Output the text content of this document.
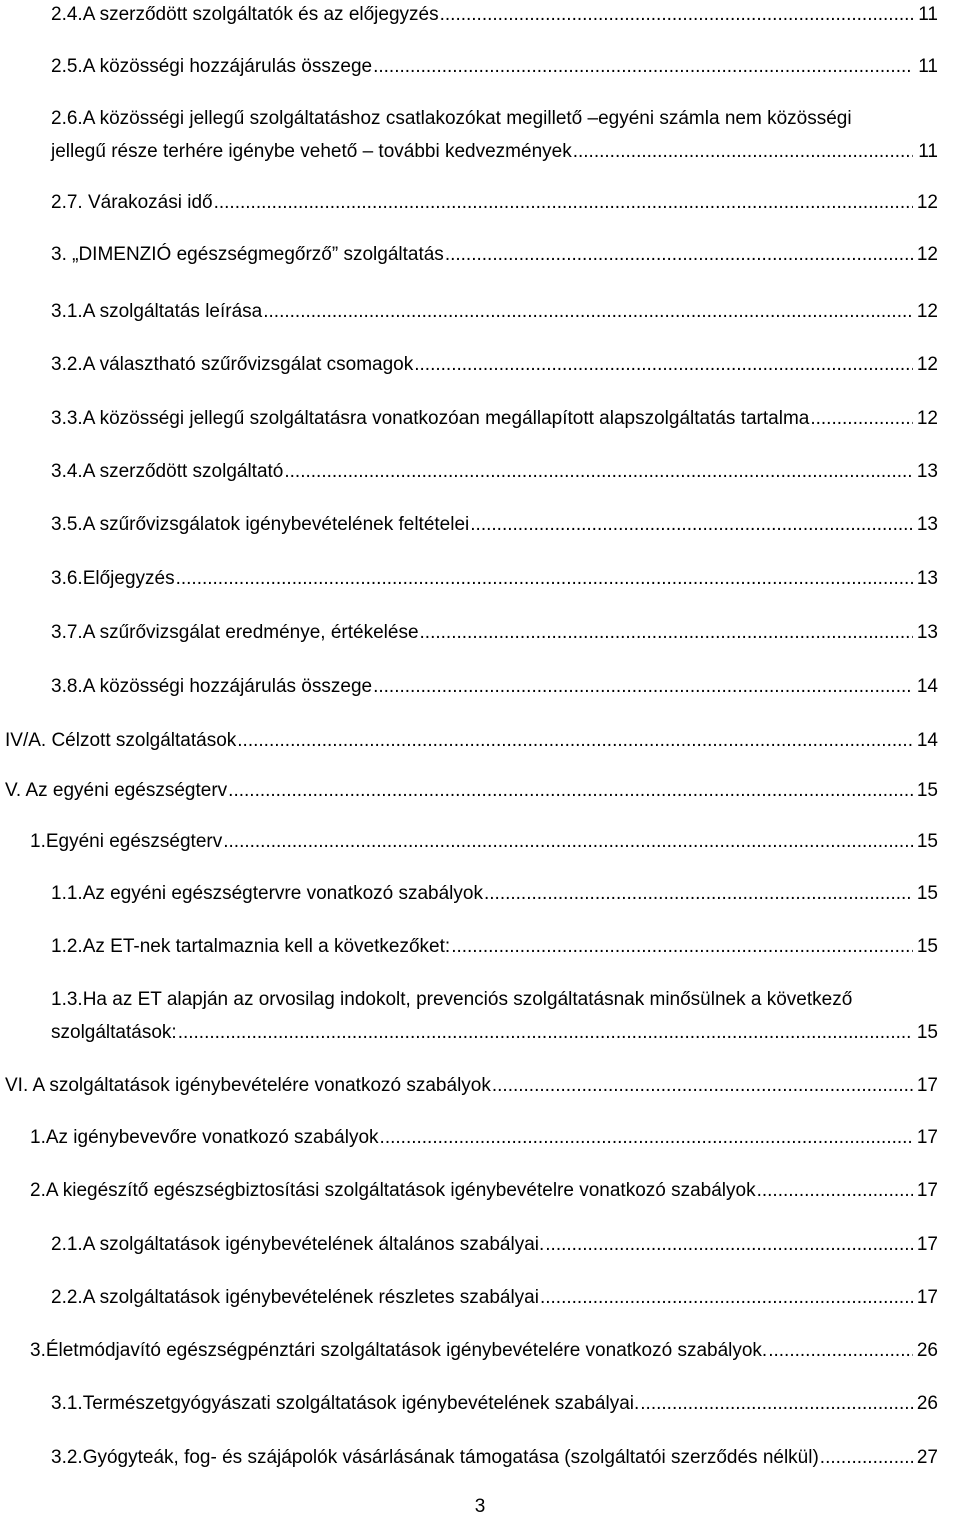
2.4.A szerződött szolgáltatók és az előjegyzés .....	11
2.5.A közösségi hozzájárulás összege .....	11
2.6.A közösségi jellegű szolgáltatáshoz csatlakozókat megillető –egyéni számla nem közösségi
jellegű része terhére igénybe vehető – további kedvezmények .....	11
2.7. Várakozási idő .....	12
3. „DIMENZIÓ egészségmegőrző” szolgáltatás .....	12
3.1.A szolgáltatás leírása .....	12
3.2.A választható szűrővizsgálat csomagok .....	12
3.3.A közösségi jellegű szolgáltatásra vonatkozóan megállapított alapszolgáltatás tartalma .....	12
3.4.A szerződött szolgáltató .....	13
3.5.A szűrővizsgálatok igénybevételének feltételei .....	13
3.6.Előjegyzés .....	13
3.7.A szűrővizsgálat eredménye, értékelése .....	13
3.8.A közösségi hozzájárulás összege .....	14
IV/A. Célzott szolgáltatások .....	14
V. Az egyéni egészségterv .....	15
1.Egyéni egészségterv .....	15
1.1.Az egyéni egészségtervre vonatkozó szabályok .....	15
1.2.Az ET-nek tartalmaznia kell a következőket: .....	15
1.3.Ha az ET alapján az orvosilag indokolt, prevenciós szolgáltatásnak minősülnek a következő
szolgáltatások: .....	15
VI. A szolgáltatások igénybevételére vonatkozó szabályok .....	17
1.Az igénybevevőre vonatkozó szabályok .....	17
2.A kiegészítő egészségbiztosítási szolgáltatások igénybevételre vonatkozó szabályok .....	17
2.1.A szolgáltatások igénybevételének általános szabályai. .....	17
2.2.A szolgáltatások igénybevételének részletes szabályai .....	17
3.Életmódjavító egészségpénztári szolgáltatások igénybevételére vonatkozó szabályok. .....	26
3.1.Természetgyógyászati szolgáltatások igénybevételének szabályai. .....	26
3.2.Gyógyteák, fog- és szájápolók vásárlásának támogatása (szolgáltatói szerződés nélkül) .....	27
3
